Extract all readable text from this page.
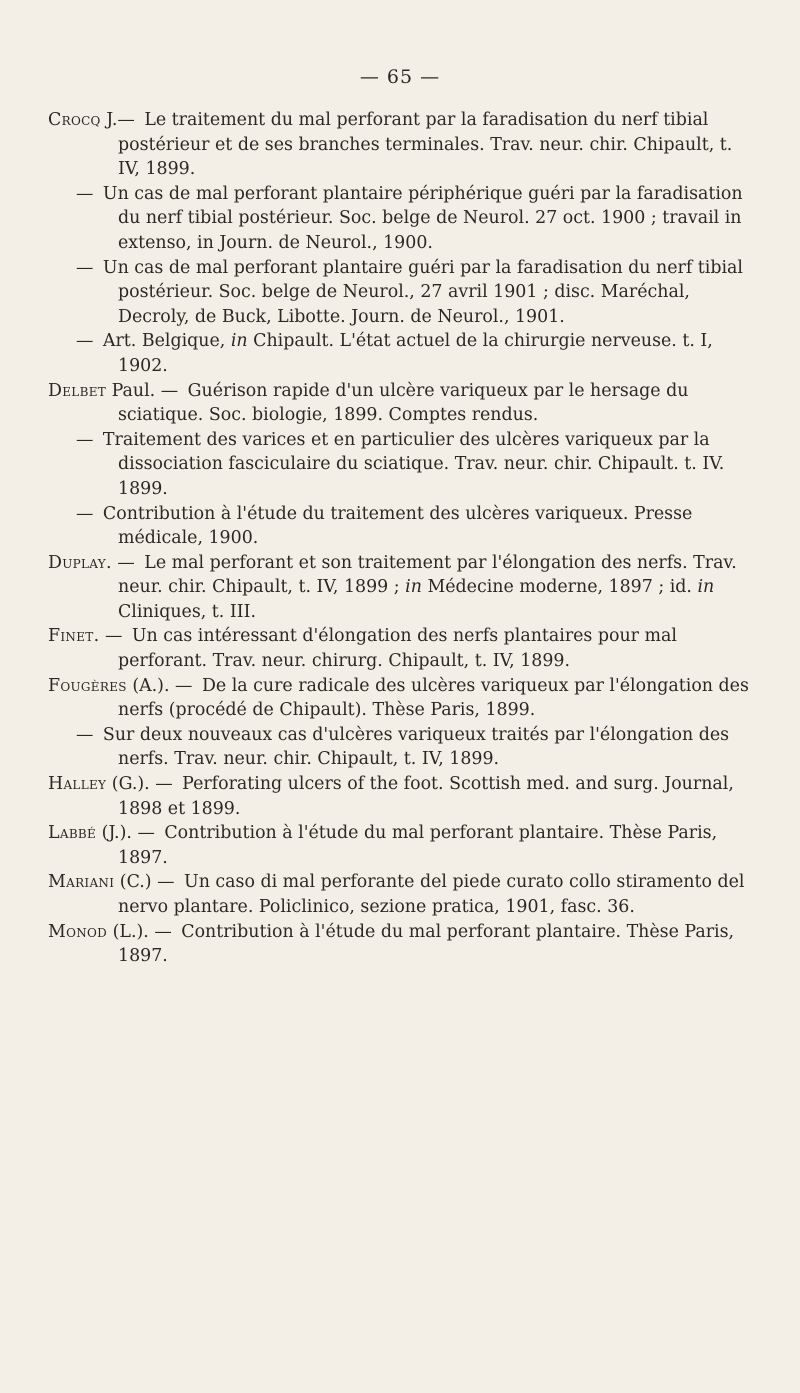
— 65 —

Crocq J.— Le traitement du mal perforant par la faradisation du nerf tibial postérieur et de ses branches terminales. Trav. neur. chir. Chipault, t. IV, 1899.

— Un cas de mal perforant plantaire périphérique guéri par la faradisation du nerf tibial postérieur. Soc. belge de Neurol. 27 oct. 1900 ; travail in extenso, in Journ. de Neurol., 1900.

— Un cas de mal perforant plantaire guéri par la faradisation du nerf tibial postérieur. Soc. belge de Neurol., 27 avril 1901 ; disc. Maréchal, Decroly, de Buck, Libotte. Journ. de Neurol., 1901.

— Art. Belgique, in Chipault. L'état actuel de la chirurgie nerveuse. t. I, 1902.

Delbet Paul. — Guérison rapide d'un ulcère variqueux par le hersage du sciatique. Soc. biologie, 1899. Comptes rendus.

— Traitement des varices et en particulier des ulcères variqueux par la dissociation fasciculaire du sciatique. Trav. neur. chir. Chipault. t. IV. 1899.

— Contribution à l'étude du traitement des ulcères variqueux. Presse médicale, 1900.

Duplay. — Le mal perforant et son traitement par l'élongation des nerfs. Trav. neur. chir. Chipault, t. IV, 1899 ; in Médecine moderne, 1897 ; id. in Cliniques, t. III.

Finet. — Un cas intéressant d'élongation des nerfs plantaires pour mal perforant. Trav. neur. chirurg. Chipault, t. IV, 1899.

Fougères (A.). — De la cure radicale des ulcères variqueux par l'élongation des nerfs (procédé de Chipault). Thèse Paris, 1899.

— Sur deux nouveaux cas d'ulcères variqueux traités par l'élongation des nerfs. Trav. neur. chir. Chipault, t. IV, 1899.

Halley (G.). — Perforating ulcers of the foot. Scottish med. and surg. Journal, 1898 et 1899.

Labbé (J.). — Contribution à l'étude du mal perforant plantaire. Thèse Paris, 1897.

Mariani (C.) — Un caso di mal perforante del piede curato collo stiramento del nervo plantare. Policlinico, sezione pratica, 1901, fasc. 36.

Monod (L.). — Contribution à l'étude du mal perforant plantaire. Thèse Paris, 1897.
